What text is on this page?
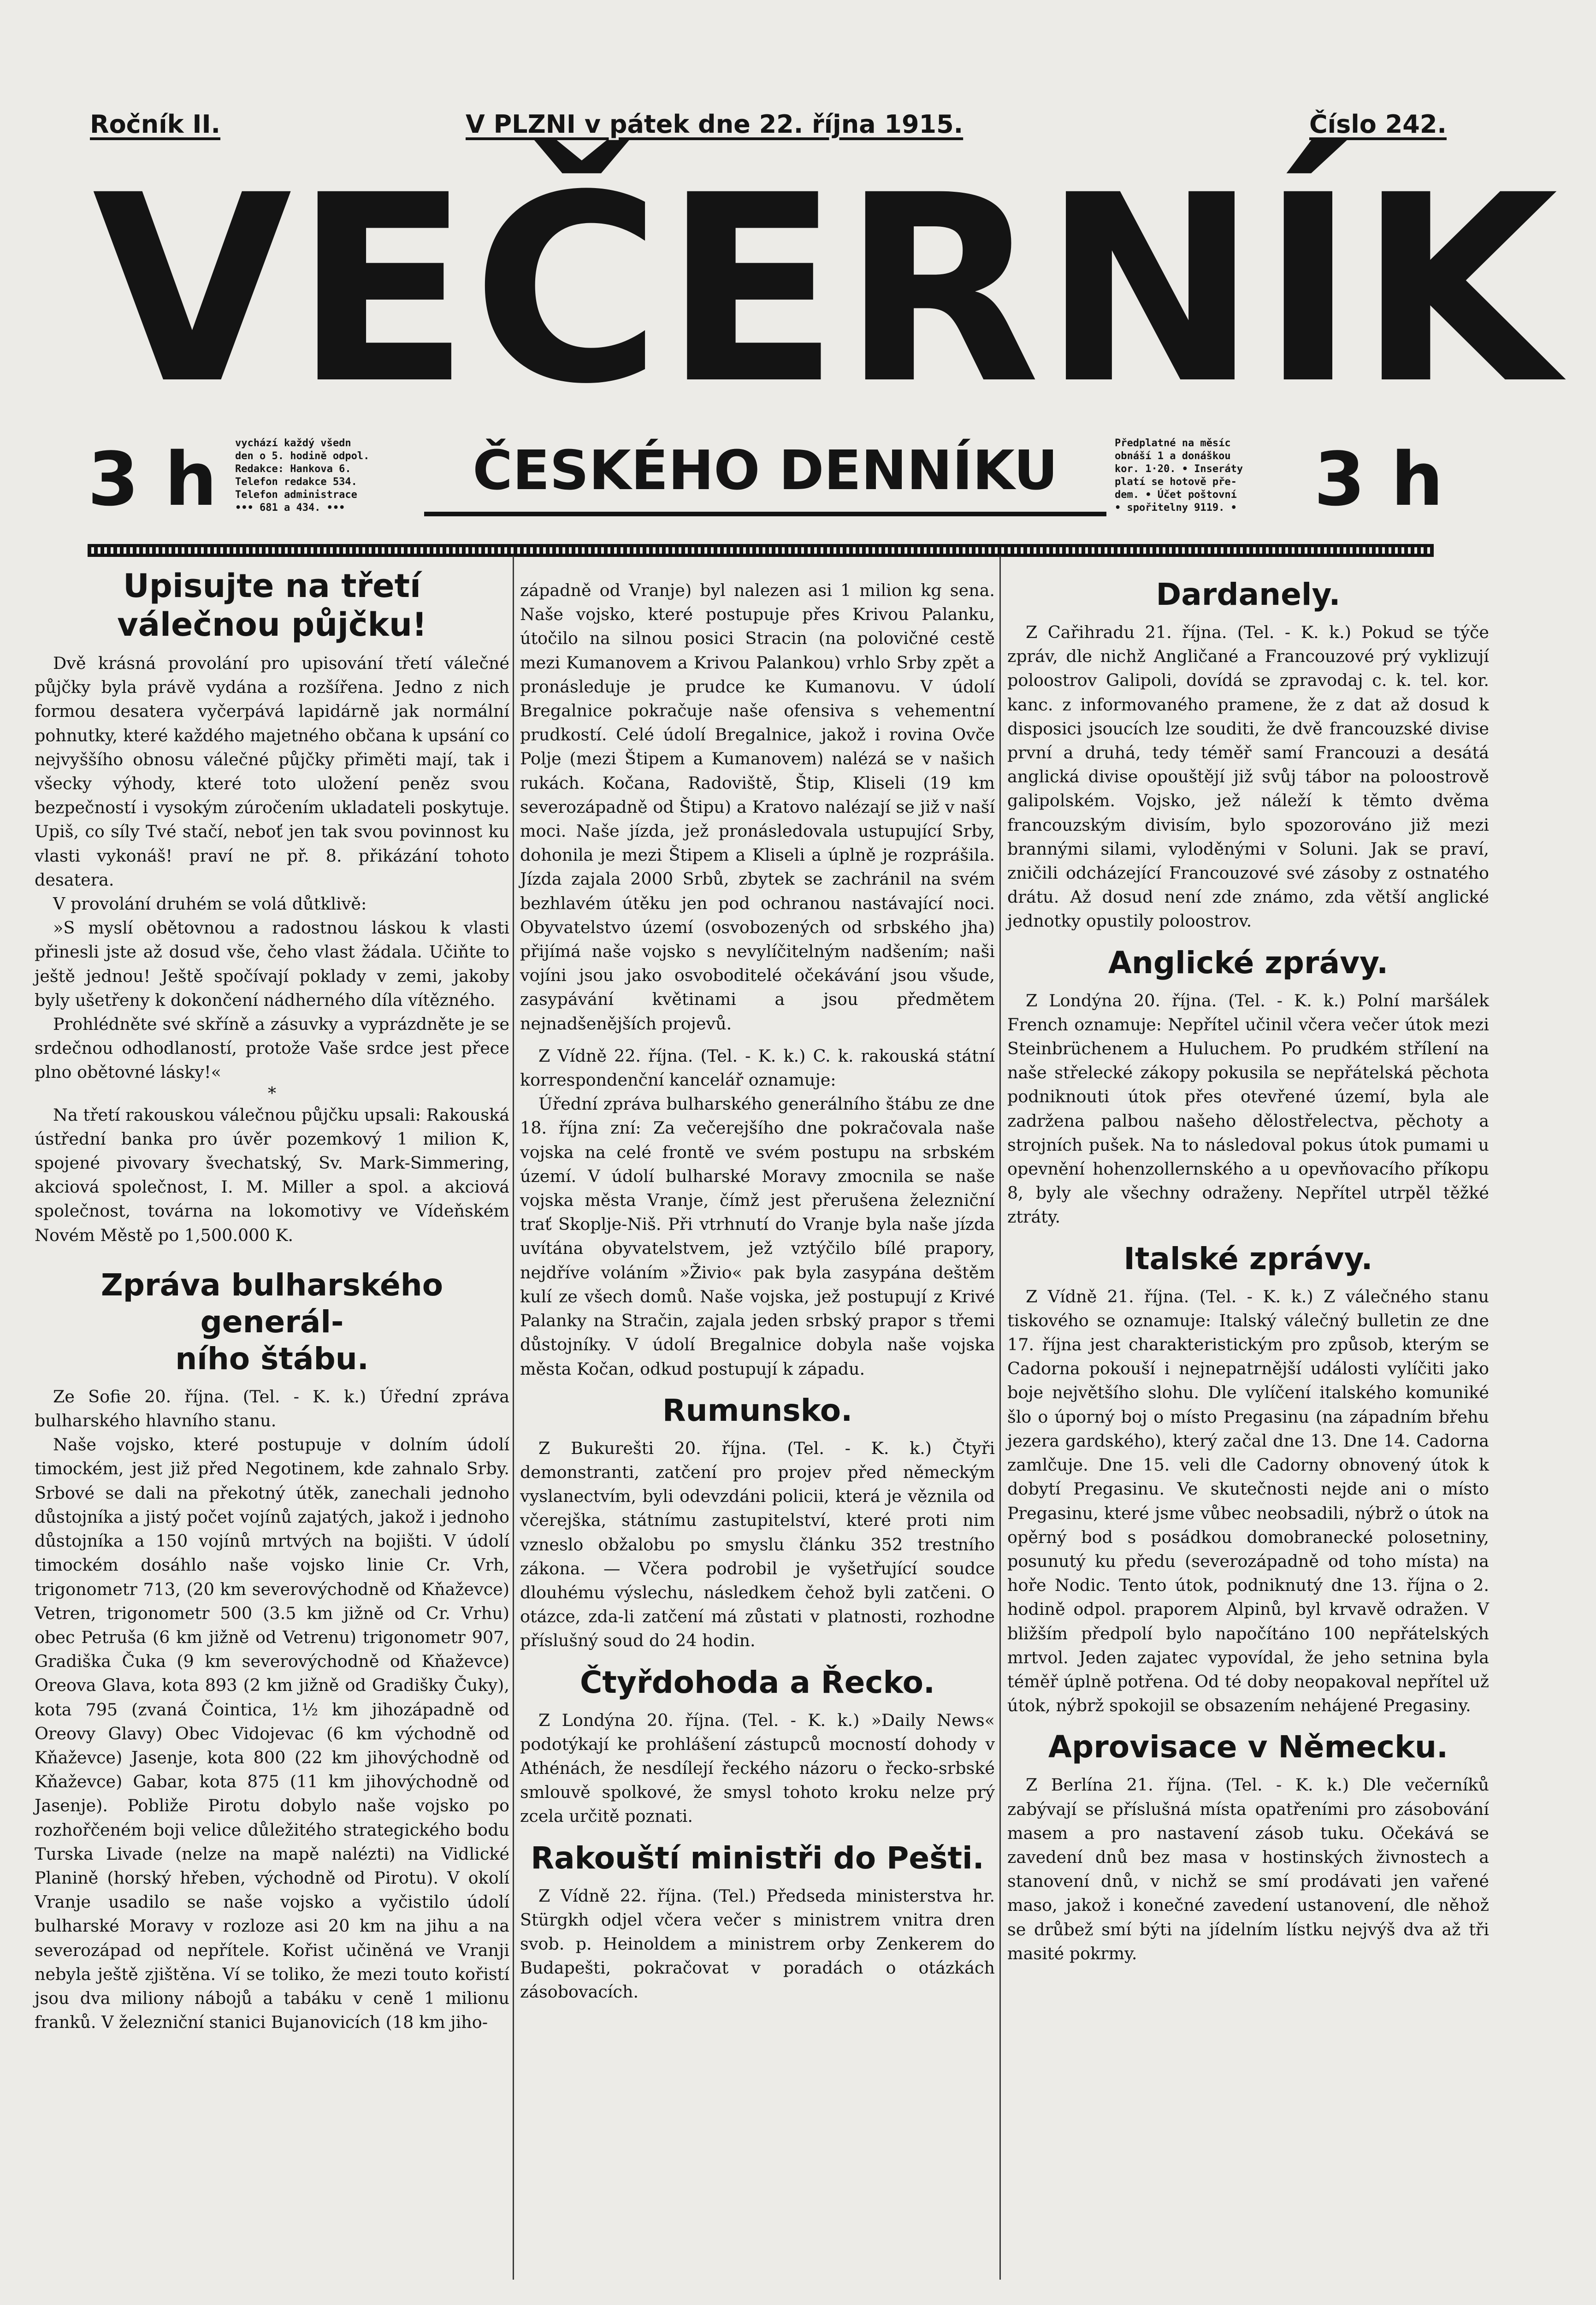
Ročník II.	V PLZNI v pátek dne 22. října 1915.	Číslo 242.
VEČERNÍK
3 h	3 h
vychází každý všedn
den o 5. hodině odpol.
Redakce: Hankova 6.
Telefon redakce 534.
Telefon administrace
••• 681 a 434. •••
ČESKÉHO DENNÍKU	Předplatné na měsíc
obnáší 1 a donáškou
kor. 1·20. • Inseráty
platí se hotově pře-
dem. • Účet poštovní
• spořitelny 9119. •
Upisujte na třetí
válečnou půjčku!

Dvě krásná provolání pro upisování třetí válečné půjčky byla právě vydána a rozšířena. Jedno z nich formou desatera vyčerpává lapidárně jak normální pohnutky, které každého majetného občana k upsání co nejvyššího obnosu válečné půjčky přiměti mají, tak i všecky výhody, které toto uložení peněz svou bezpečností i vysokým zúročením ukladateli poskytuje. Upiš, co síly Tvé stačí, neboť jen tak svou povinnost ku vlasti vykonáš! praví ne př. 8. přikázání tohoto desatera.

V provolání druhém se volá důtklivě:

»S myslí obětovnou a radostnou láskou k vlasti přinesli jste až dosud vše, čeho vlast žádala. Učiňte to ještě jednou! Ještě spočívají poklady v zemi, jakoby byly ušetřeny k dokončení nádherného díla vítězného.

Prohlédněte své skříně a zásuvky a vyprázdněte je se srdečnou odhodlaností, protože Vaše srdce jest přece plno obětovné lásky!«

*

Na třetí rakouskou válečnou půjčku upsali: Rakouská ústřední banka pro úvěr pozemkový 1 milion K, spojené pivovary švechatský, Sv. Mark-Simmering, akciová společnost, I. M. Miller a spol. a akciová společnost, továrna na lokomotivy ve Vídeňském Novém Městě po 1,500.000 K.

Zpráva bulharského generál-
ního štábu.

Ze Sofie 20. října. (Tel. - K. k.) Úřední zpráva bulharského hlavního stanu.

Naše vojsko, které postupuje v dolním údolí timockém, jest již před Negotinem, kde zahnalo Srby. Srbové se dali na překotný útěk, zanechali jednoho důstojníka a jistý počet vojínů zajatých, jakož i jednoho důstojníka a 150 vojínů mrtvých na bojišti. V údolí timockém dosáhlo naše vojsko linie Cr. Vrh, trigonometr 713, (20 km severovýchodně od Kňaževce) Vetren, trigonometr 500 (3.5 km jižně od Cr. Vrhu) obec Petruša (6 km jižně od Vetrenu) trigonometr 907, Gradiška Čuka (9 km severovýchodně od Kňaževce) Oreova Glava, kota 893 (2 km jižně od Gradišky Čuky), kota 795 (zvaná Čointica, 1½ km jihozápadně od Oreovy Glavy) Obec Vidojevac (6 km východně od Kňaževce) Jasenje, kota 800 (22 km jihovýchodně od Kňaževce) Gabar, kota 875 (11 km jihovýchodně od Jasenje). Pobliže Pirotu dobylo naše vojsko po rozhořčeném boji velice důležitého strategického bodu Turska Livade (nelze na mapě nalézti) na Vidlické Planině (horský hřeben, východně od Pirotu). V okolí Vranje usadilo se naše vojsko a vyčistilo údolí bulharské Moravy v rozloze asi 20 km na jihu a na severozápad od nepřítele. Kořist učiněná ve Vranji nebyla ještě zjištěna. Ví se toliko, že mezi touto kořistí jsou dva miliony nábojů a tabáku v ceně 1 milionu franků. V železniční stanici Bujanovicích (18 km jiho-

západně od Vranje) byl nalezen asi 1 milion kg sena. Naše vojsko, které postupuje přes Krivou Palanku, útočilo na silnou posici Stracin (na polovičné cestě mezi Kumanovem a Krivou Palankou) vrhlo Srby zpět a pronásleduje je prudce ke Kumanovu. V údolí Bregalnice pokračuje naše ofensiva s vehementní prudkostí. Celé údolí Bregalnice, jakož i rovina Ovče Polje (mezi Štipem a Kumanovem) nalézá se v našich rukách. Kočana, Radoviště, Štip, Kliseli (19 km severozápadně od Štipu) a Kratovo nalézají se již v naší moci. Naše jízda, jež pronásledovala ustupující Srby, dohonila je mezi Štipem a Kliseli a úplně je rozprášila. Jízda zajala 2000 Srbů, zbytek se zachránil na svém bezhlavém útěku jen pod ochranou nastávající noci. Obyvatelstvo území (osvobozených od srbského jha) přijímá naše vojsko s nevylíčitelným nadšením; naši vojíni jsou jako osvoboditelé očekávání jsou všude, zasypávání květinami a jsou předmětem nejnadšenějších projevů.

Z Vídně 22. října. (Tel. - K. k.) C. k. rakouská státní korrespondenční kancelář oznamuje:

Úřední zpráva bulharského generálního štábu ze dne 18. října zní: Za večerejšího dne pokračovala naše vojska na celé frontě ve svém postupu na srbském území. V údolí bulharské Moravy zmocnila se naše vojska města Vranje, čímž jest přerušena železniční trať Skoplje-Niš. Při vtrhnutí do Vranje byla naše jízda uvítána obyvatelstvem, jež vztýčilo bílé prapory, nejdříve voláním »Živio« pak byla zasypána deštěm kulí ze všech domů. Naše vojska, jež postupují z Krivé Palanky na Stračin, zajala jeden srbský prapor s třemi důstojníky. V údolí Bregalnice dobyla naše vojska města Kočan, odkud postupují k západu.

Rumunsko.

Z Bukurešti 20. října. (Tel. - K. k.) Čtyři demonstranti, zatčení pro projev před německým vyslanectvím, byli odevzdáni policii, která je věznila od včerejška, státnímu zastupitelství, které proti nim vzneslo obžalobu po smyslu článku 352 trestního zákona. — Včera podrobil je vyšetřující soudce dlouhému výslechu, následkem čehož byli zatčeni. O otázce, zda-li zatčení má zůstati v platnosti, rozhodne příslušný soud do 24 hodin.

Čtyřdohoda a Řecko.

Z Londýna 20. října. (Tel. - K. k.) »Daily News« podotýkají ke prohlášení zástupců mocností dohody v Athénách, že nesdílejí řeckého názoru o řecko-srbské smlouvě spolkové, že smysl tohoto kroku nelze prý zcela určitě poznati.

Rakouští ministři do Pešti.

Z Vídně 22. října. (Tel.) Předseda ministerstva hr. Stürgkh odjel včera večer s ministrem vnitra dren svob. p. Heinoldem a ministrem orby Zenkerem do Budapešti, pokračovat v poradách o otázkách zásobovacích.

Dardanely.

Z Cařihradu 21. října. (Tel. - K. k.) Pokud se týče zpráv, dle nichž Angličané a Francouzové prý vyklizují poloostrov Galipoli, dovídá se zpravodaj c. k. tel. kor. kanc. z informovaného pramene, že z dat až dosud k disposici jsoucích lze souditi, že dvě francouzské divise první a druhá, tedy téměř samí Francouzi a desátá anglická divise opouštějí již svůj tábor na poloostrově galipolském. Vojsko, jež náleží k těmto dvěma francouzským divisím, bylo spozorováno již mezi brannými silami, vyloděnými v Soluni. Jak se praví, zničili odcházející Francouzové své zásoby z ostnatého drátu. Až dosud není zde známo, zda větší anglické jednotky opustily poloostrov.

Anglické zprávy.

Z Londýna 20. října. (Tel. - K. k.) Polní maršálek French oznamuje: Nepřítel učinil včera večer útok mezi Steinbrüchenem a Huluchem. Po prudkém střílení na naše střelecké zákopy pokusila se nepřátelská pěchota podniknouti útok přes otevřené území, byla ale zadržena palbou našeho dělostřelectva, pěchoty a strojních pušek. Na to následoval pokus útok pumami u opevnění hohenzollernského a u opevňovacího příkopu 8, byly ale všechny odraženy. Nepřítel utrpěl těžké ztráty.

Italské zprávy.

Z Vídně 21. října. (Tel. - K. k.) Z válečného stanu tiskového se oznamuje: Italský válečný bulletin ze dne 17. října jest charakteristickým pro způsob, kterým se Cadorna pokouší i nejnepatrnější události vylíčiti jako boje největšího slohu. Dle vylíčení italského komuniké šlo o úporný boj o místo Pregasinu (na západním břehu jezera gardského), který začal dne 13. Dne 14. Cadorna zamlčuje. Dne 15. veli dle Cadorny obnovený útok k dobytí Pregasinu. Ve skutečnosti nejde ani o místo Pregasinu, které jsme vůbec neobsadili, nýbrž o útok na opěrný bod s posádkou domobranecké polosetniny, posunutý ku předu (severozápadně od toho místa) na hoře Nodic. Tento útok, podniknutý dne 13. října o 2. hodině odpol. praporem Alpinů, byl krvavě odražen. V bližším předpolí bylo napočítáno 100 nepřátelských mrtvol. Jeden zajatec vypovídal, že jeho setnina byla téměř úplně potřena. Od té doby neopakoval nepřítel už útok, nýbrž spokojil se obsazením nehájené Pregasiny.

Aprovisace v Německu.

Z Berlína 21. října. (Tel. - K. k.) Dle večerníků zabývají se příslušná místa opatřeními pro zásobování masem a pro nastavení zásob tuku. Očekává se zavedení dnů bez masa v hostinských živnostech a stanovení dnů, v nichž se smí prodávati jen vařené maso, jakož i konečné zavedení ustanovení, dle něhož se drůbež smí býti na jídelním lístku nejvýš dva až tři masité pokrmy.
